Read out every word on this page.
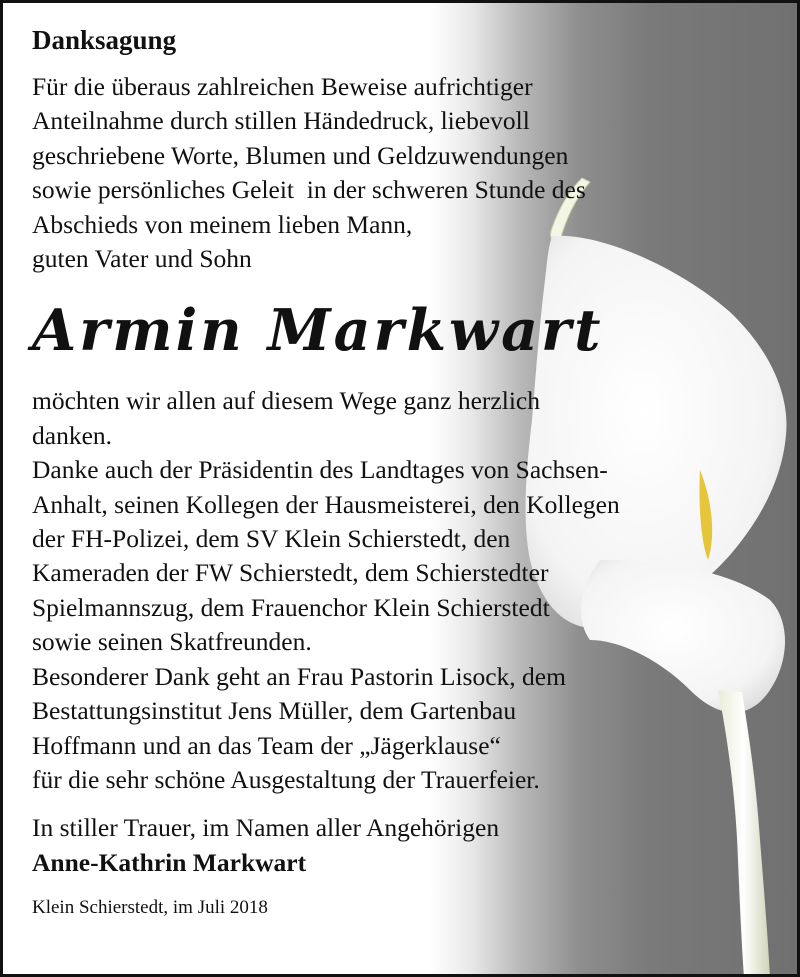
Danksagung
Für die überaus zahlreichen Beweise aufrichtiger
Anteilnahme durch stillen Händedruck, liebevoll
geschriebene Worte, Blumen und Geldzuwendungen
sowie persönliches Geleit  in der schweren Stunde des
Abschieds von meinem lieben Mann,
guten Vater und Sohn
Armin Markwart
möchten wir allen auf diesem Wege ganz herzlich
danken.
Danke auch der Präsidentin des Landtages von Sachsen-
Anhalt, seinen Kollegen der Hausmeisterei, den Kollegen
der FH-Polizei, dem SV Klein Schierstedt, den
Kameraden der FW Schierstedt, dem Schierstedter
Spielmannszug, dem Frauenchor Klein Schierstedt
sowie seinen Skatfreunden.
Besonderer Dank geht an Frau Pastorin Lisock, dem
Bestattungsinstitut Jens Müller, dem Gartenbau
Hoffmann und an das Team der „Jägerklause“
für die sehr schöne Ausgestaltung der Trauerfeier.
In stiller Trauer, im Namen aller Angehörigen
Anne-Kathrin Markwart
Klein Schierstedt, im Juli 2018
